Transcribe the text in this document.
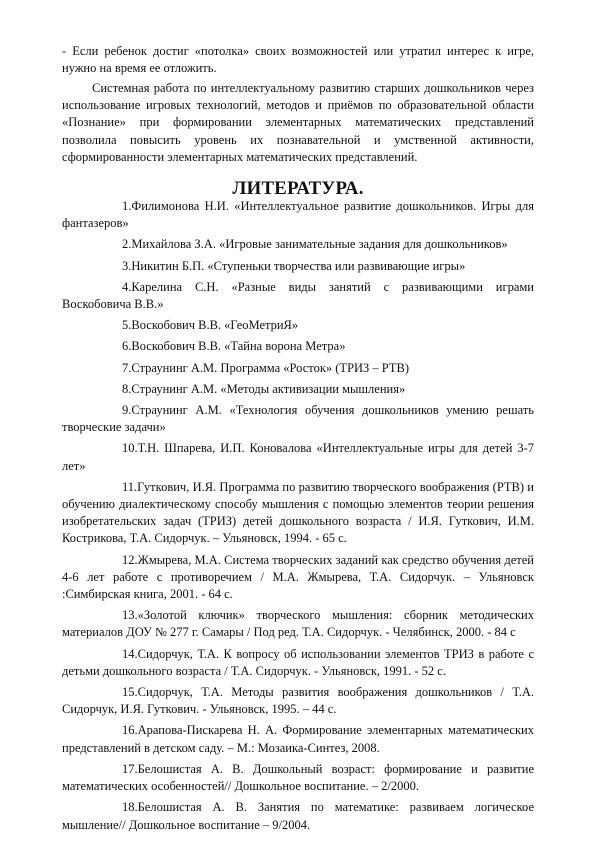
- Если ребенок достиг «потолка» своих возможностей или утратил интерес к игре, нужно на время ее отложить.

Системная работа по интеллектуальному развитию старших дошкольников через использование игровых технологий, методов и приёмов по образовательной области «Познание» при формировании элементарных математических представлений позволила повысить уровень их познавательной и умственной активности, сформированности элементарных математических представлений.

ЛИТЕРАТУРА.
1.Филимонова Н.И. «Интеллектуальное развитие дошкольников. Игры для фантазеров»
2.Михайлова З.А. «Игровые занимательные задания для дошкольников»
3.Никитин Б.П. «Ступеньки творчества или развивающие игры»
4.Карелина С.Н. «Разные виды занятий с развивающими играми Воскобовича В.В.»
5.Воскобович В.В. «ГеоМетриЯ»
6.Воскобович В.В. «Тайна ворона Метра»
7.Страунинг А.М. Программа «Росток» (ТРИЗ – РТВ)
8.Страунинг А.М. «Методы активизации мышления»
9.Страунинг А.М. «Технология обучения дошкольников умению решать творческие задачи»
10.Т.Н. Шпарева, И.П. Коновалова «Интеллектуальные игры для детей 3-7 лет»
11.Гуткович, И.Я. Программа по развитию творческого воображения (РТВ) и обучению диалектическому способу мышления с помощью элементов теории решения изобретательских задач (ТРИЗ) детей дошкольного возраста / И.Я. Гуткович, И.М. Кострикова, Т.А. Сидорчук. – Ульяновск, 1994. - 65 с.
12.Жмырева, М.А. Система творческих заданий как средство обучения детей 4-6 лет работе с противоречием / М.А. Жмырева, Т.А. Сидорчук. – Ульяновск :Симбирская книга, 2001. - 64 с.
13.«Золотой ключик» творческого мышления: сборник методических материалов ДОУ № 277 г. Самары / Под ред. Т.А. Сидорчук. - Челябинск, 2000. - 84 с
14.Сидорчук, Т.А. К вопросу об использовании элементов ТРИЗ в работе с детьми дошкольного возраста / Т.А. Сидорчук. - Ульяновск, 1991. - 52 с.
15.Сидорчук, Т.А. Методы развития воображения дошкольников / Т.А. Сидорчук, И.Я. Гуткович. - Ульяновск, 1995. – 44 с.
16.Арапова-Пискарева Н. А. Формирование элементарных математических представлений в детском саду. – М.: Мозаика-Синтез, 2008.
17.Белошистая А. В. Дошкольный возраст: формирование и развитие математических особенностей// Дошкольное воспитание. – 2/2000.
18.Белошистая А. В. Занятия по математике: развиваем логическое мышление// Дошкольное воспитание – 9/2004.
